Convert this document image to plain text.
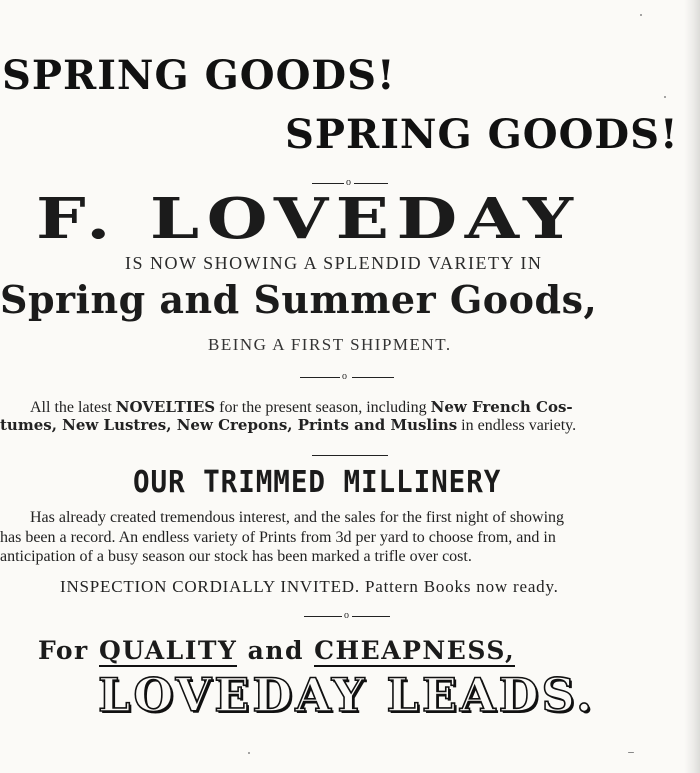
SPRING GOODS!
SPRING GOODS!
o
F. LOVEDAY
IS NOW SHOWING A SPLENDID VARIETY IN
Spring and Summer Goods,
BEING A FIRST SHIPMENT.
o
All the latest NOVELTIES for the present season, including New French Cos-
tumes, New Lustres, New Crepons, Prints and Muslins in endless variety.
OUR TRIMMED MILLINERY
Has already created tremendous interest, and the sales for the first night of showing
has been a record. An endless variety of Prints from 3d per yard to choose from, and in
anticipation of a busy season our stock has been marked a trifle over cost.
INSPECTION CORDIALLY INVITED. Pattern Books now ready.
o
For QUALITY and CHEAPNESS,
LOVEDAY LEADS.
